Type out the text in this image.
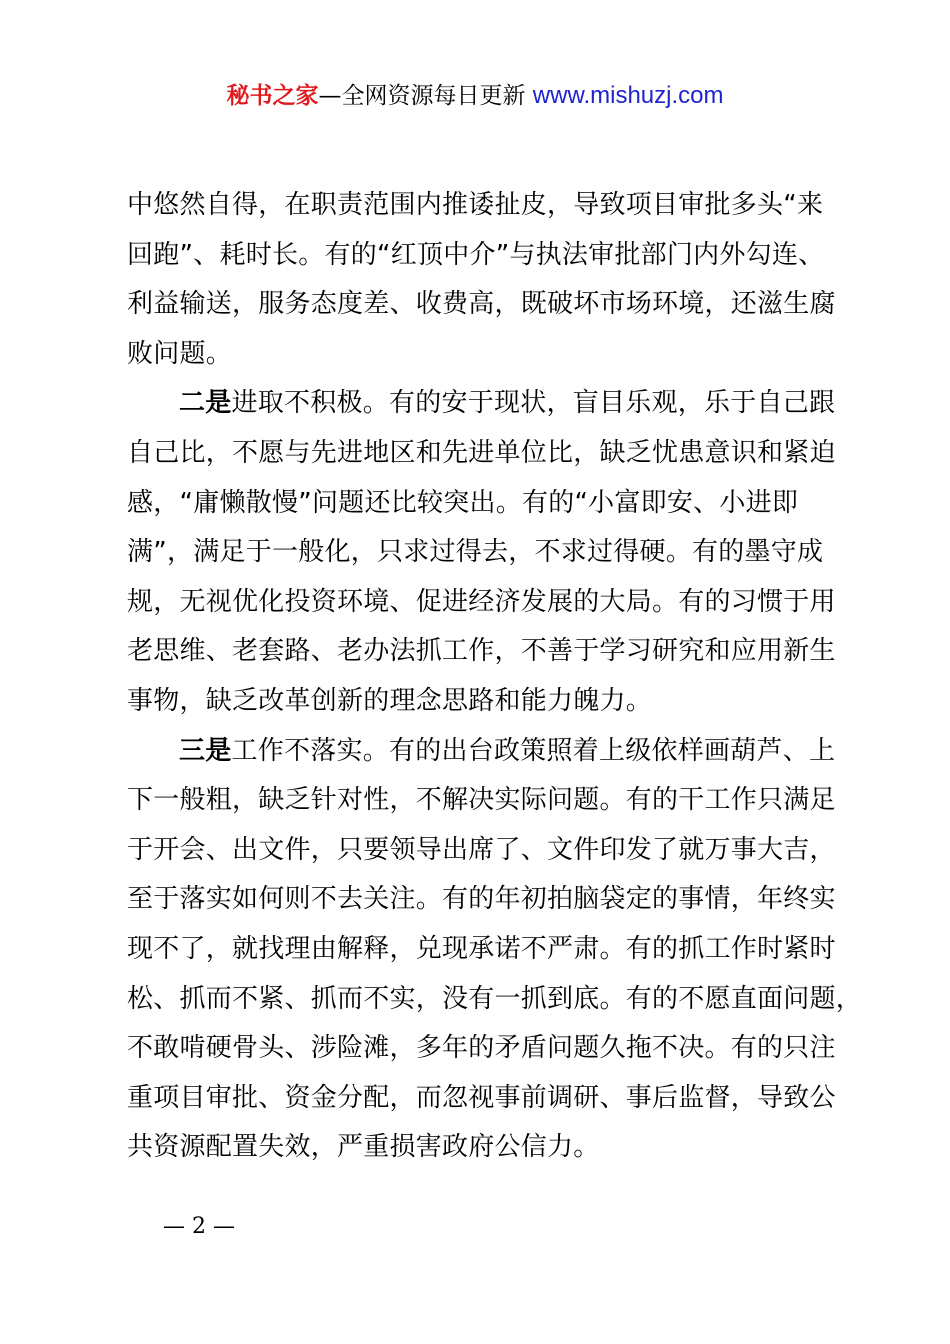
秘书之家—全网资源每日更新 www.mishuzj.com

中悠然自得，在职责范围内推诿扯皮，导致项目审批多头“来
回跑”、耗时长。有的“红顶中介”与执法审批部门内外勾连、
利益输送，服务态度差、收费高，既破坏市场环境，还滋生腐
败问题。

二是进取不积极。有的安于现状，盲目乐观，乐于自己跟
自己比，不愿与先进地区和先进单位比，缺乏忧患意识和紧迫
感，“庸懒散慢”问题还比较突出。有的“小富即安、小进即
满”，满足于一般化，只求过得去，不求过得硬。有的墨守成
规，无视优化投资环境、促进经济发展的大局。有的习惯于用
老思维、老套路、老办法抓工作，不善于学习研究和应用新生
事物，缺乏改革创新的理念思路和能力魄力。

三是工作不落实。有的出台政策照着上级依样画葫芦、上
下一般粗，缺乏针对性，不解决实际问题。有的干工作只满足
于开会、出文件，只要领导出席了、文件印发了就万事大吉，
至于落实如何则不去关注。有的年初拍脑袋定的事情，年终实
现不了，就找理由解释，兑现承诺不严肃。有的抓工作时紧时
松、抓而不紧、抓而不实，没有一抓到底。有的不愿直面问题，
不敢啃硬骨头、涉险滩，多年的矛盾问题久拖不决。有的只注
重项目审批、资金分配，而忽视事前调研、事后监督，导致公
共资源配置失效，严重损害政府公信力。

— 2 —
